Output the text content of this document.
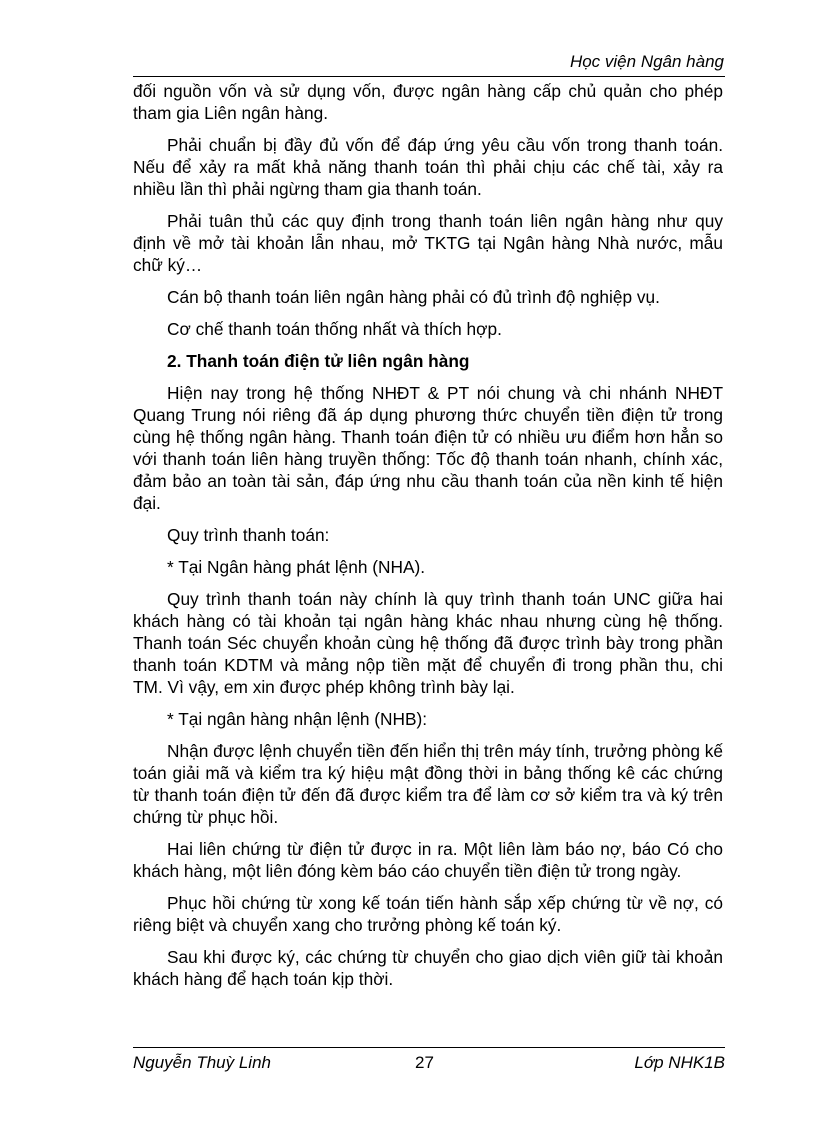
Học viện Ngân hàng

đối nguồn vốn và sử dụng vốn, được ngân hàng cấp chủ quản cho phép tham gia Liên ngân hàng.

Phải chuẩn bị đầy đủ vốn để đáp ứng yêu cầu vốn trong thanh toán. Nếu để xảy ra mất khả năng thanh toán thì phải chịu các chế tài, xảy ra nhiều lần thì phải ngừng tham gia thanh toán.

Phải tuân thủ các quy định trong thanh toán liên ngân hàng như quy định về mở tài khoản lẫn nhau, mở TKTG tại Ngân hàng Nhà nước, mẫu chữ ký…

Cán bộ thanh toán liên ngân hàng phải có đủ trình độ nghiệp vụ.

Cơ chế thanh toán thống nhất và thích hợp.

2. Thanh toán điện tử liên ngân hàng

Hiện nay trong hệ thống NHĐT & PT nói chung và chi nhánh NHĐT Quang Trung nói riêng đã áp dụng phương thức chuyển tiền điện tử trong cùng hệ thống ngân hàng. Thanh toán điện tử có nhiều ưu điểm hơn hẳn so với thanh toán liên hàng truyền thống: Tốc độ thanh toán nhanh, chính xác, đảm bảo an toàn tài sản, đáp ứng nhu cầu thanh toán của nền kinh tế hiện đại.

Quy trình thanh toán:

* Tại Ngân hàng phát lệnh (NHA).

Quy trình thanh toán này chính là quy trình thanh toán UNC giữa hai khách hàng có tài khoản tại ngân hàng khác nhau nhưng cùng hệ thống. Thanh toán Séc chuyển khoản cùng hệ thống đã được trình bày trong phần thanh toán KDTM và mảng nộp tiền mặt để chuyển đi trong phần thu, chi TM. Vì vậy, em xin được phép không trình bày lại.

* Tại ngân hàng nhận lệnh (NHB):

Nhận được lệnh chuyển tiền đến hiển thị trên máy tính, trưởng phòng kế toán giải mã và kiểm tra ký hiệu mật đồng thời in bảng thống kê các chứng từ thanh toán điện tử đến đã được kiểm tra để làm cơ sở kiểm tra và ký trên chứng từ phục hồi.

Hai liên chứng từ điện tử được in ra. Một liên làm báo nợ, báo Có cho khách hàng, một liên đóng kèm báo cáo chuyển tiền điện tử trong ngày.

Phục hồi chứng từ xong kế toán tiến hành sắp xếp chứng từ về nợ, có riêng biệt và chuyển xang cho trưởng phòng kế toán ký.

Sau khi được ký, các chứng từ chuyển cho giao dịch viên giữ tài khoản khách hàng để hạch toán kịp thời.

Nguyễn Thuỳ Linh	27	Lớp NHK1B
